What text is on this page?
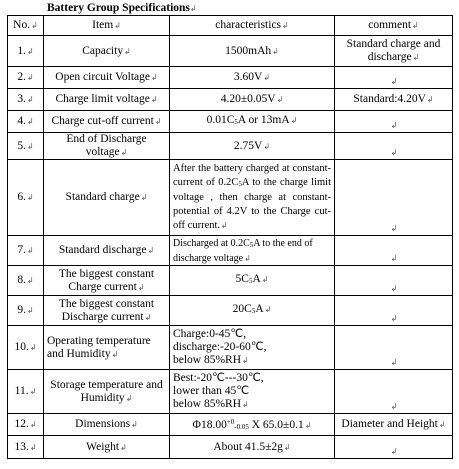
Battery Group Specifications↲
No.↲	Item↲	characteristics↲	comment↲
1.↲	Capacity↲	1500mAh↲	Standard charge and discharge↲
2.↲	Open circuit Voltage↲	3.60V↲	↲
3.↲	Charge limit voltage↲	4.20±0.05V↲	Standard:4.20V↲
4.↲	Charge cut-off current↲	$0.01C_5A$ or 13mA↲	↲
5.↲	End of Discharge voltage↲	2.75V↲	↲
6.↲	Standard charge↲	After the battery charged at constant-current of $0.2C_5A$ to the charge limit voltage , then charge at constant-potential of 4.2V to the Charge cut-off current.↲	↲
7.↲	Standard discharge↲	Discharged at $0.2C_5A$ to the end of discharge voltage↲	↲
8.↲	The biggest constant
Charge current↲	$5C_5A↲$	↲
9.↲	The biggest constant
Discharge current↲	$20C_5A↲$	↲
10.↲	Operating temperature and Humidity↲	Charge:0-45℃,
discharge:-20-60℃,
below 85%RH↲	↲
11.↲	Storage temperature and Humidity↲	Best:-20℃---30℃,
lower than 45℃
below 85%RH↲	↲
12.↲	Dimensions↲	$\Phi 18.00^{+0}_{-0.05}$ X 65.0±0.1↲	Diameter and Height↲
13.↲	Weight↲	About 41.5±2g↲	↲
